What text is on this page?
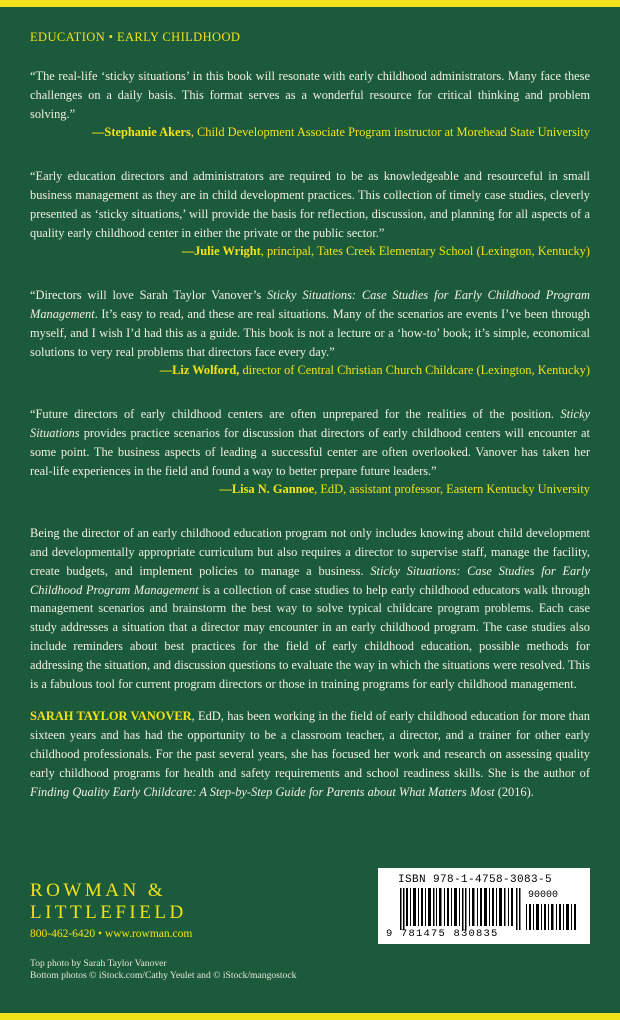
EDUCATION • EARLY CHILDHOOD

“The real-life ‘sticky situations’ in this book will resonate with early childhood administrators. Many face these challenges on a daily basis. This format serves as a wonderful resource for critical thinking and problem solving.”

—Stephanie Akers, Child Development Associate Program instructor at Morehead State University

“Early education directors and administrators are required to be as knowledgeable and resourceful in small business management as they are in child development practices. This collection of timely case studies, cleverly presented as ‘sticky situations,’ will provide the basis for reflection, discussion, and planning for all aspects of a quality early childhood center in either the private or the public sector.”

—Julie Wright, principal, Tates Creek Elementary School (Lexington, Kentucky)

“Directors will love Sarah Taylor Vanover’s Sticky Situations: Case Studies for Early Childhood Program Management. It’s easy to read, and these are real situations. Many of the scenarios are events I’ve been through myself, and I wish I’d had this as a guide. This book is not a lecture or a ‘how-to’ book; it’s simple, economical solutions to very real problems that directors face every day.”

—Liz Wolford, director of Central Christian Church Childcare (Lexington, Kentucky)

“Future directors of early childhood centers are often unprepared for the realities of the position. Sticky Situations provides practice scenarios for discussion that directors of early childhood centers will encounter at some point. The business aspects of leading a successful center are often overlooked. Vanover has taken her real-life experiences in the field and found a way to better prepare future leaders.”

—Lisa N. Gannoe, EdD, assistant professor, Eastern Kentucky University

Being the director of an early childhood education program not only includes knowing about child development and developmentally appropriate curriculum but also requires a director to supervise staff, manage the facility, create budgets, and implement policies to manage a business. Sticky Situations: Case Studies for Early Childhood Program Management is a collection of case studies to help early childhood educators walk through management scenarios and brainstorm the best way to solve typical childcare program problems. Each case study addresses a situation that a director may encounter in an early childhood program. The case studies also include reminders about best practices for the field of early childhood education, possible methods for addressing the situation, and discussion questions to evaluate the way in which the situations were resolved. This is a fabulous tool for current program directors or those in training programs for early childhood management.

SARAH TAYLOR VANOVER, EdD, has been working in the field of early childhood education for more than sixteen years and has had the opportunity to be a classroom teacher, a director, and a trainer for other early childhood professionals. For the past several years, she has focused her work and research on assessing quality early childhood programs for health and safety requirements and school readiness skills. She is the author of Finding Quality Early Childcare: A Step-by-Step Guide for Parents about What Matters Most (2016).

ROWMAN &
LITTLEFIELD
800-462-6420 • www.rowman.com
Top photo by Sarah Taylor Vanover
Bottom photos © iStock.com/Cathy Yeulet and © iStock/mangostock
ISBN 978-1-4758-3083-5
90000
9 781475 830835
